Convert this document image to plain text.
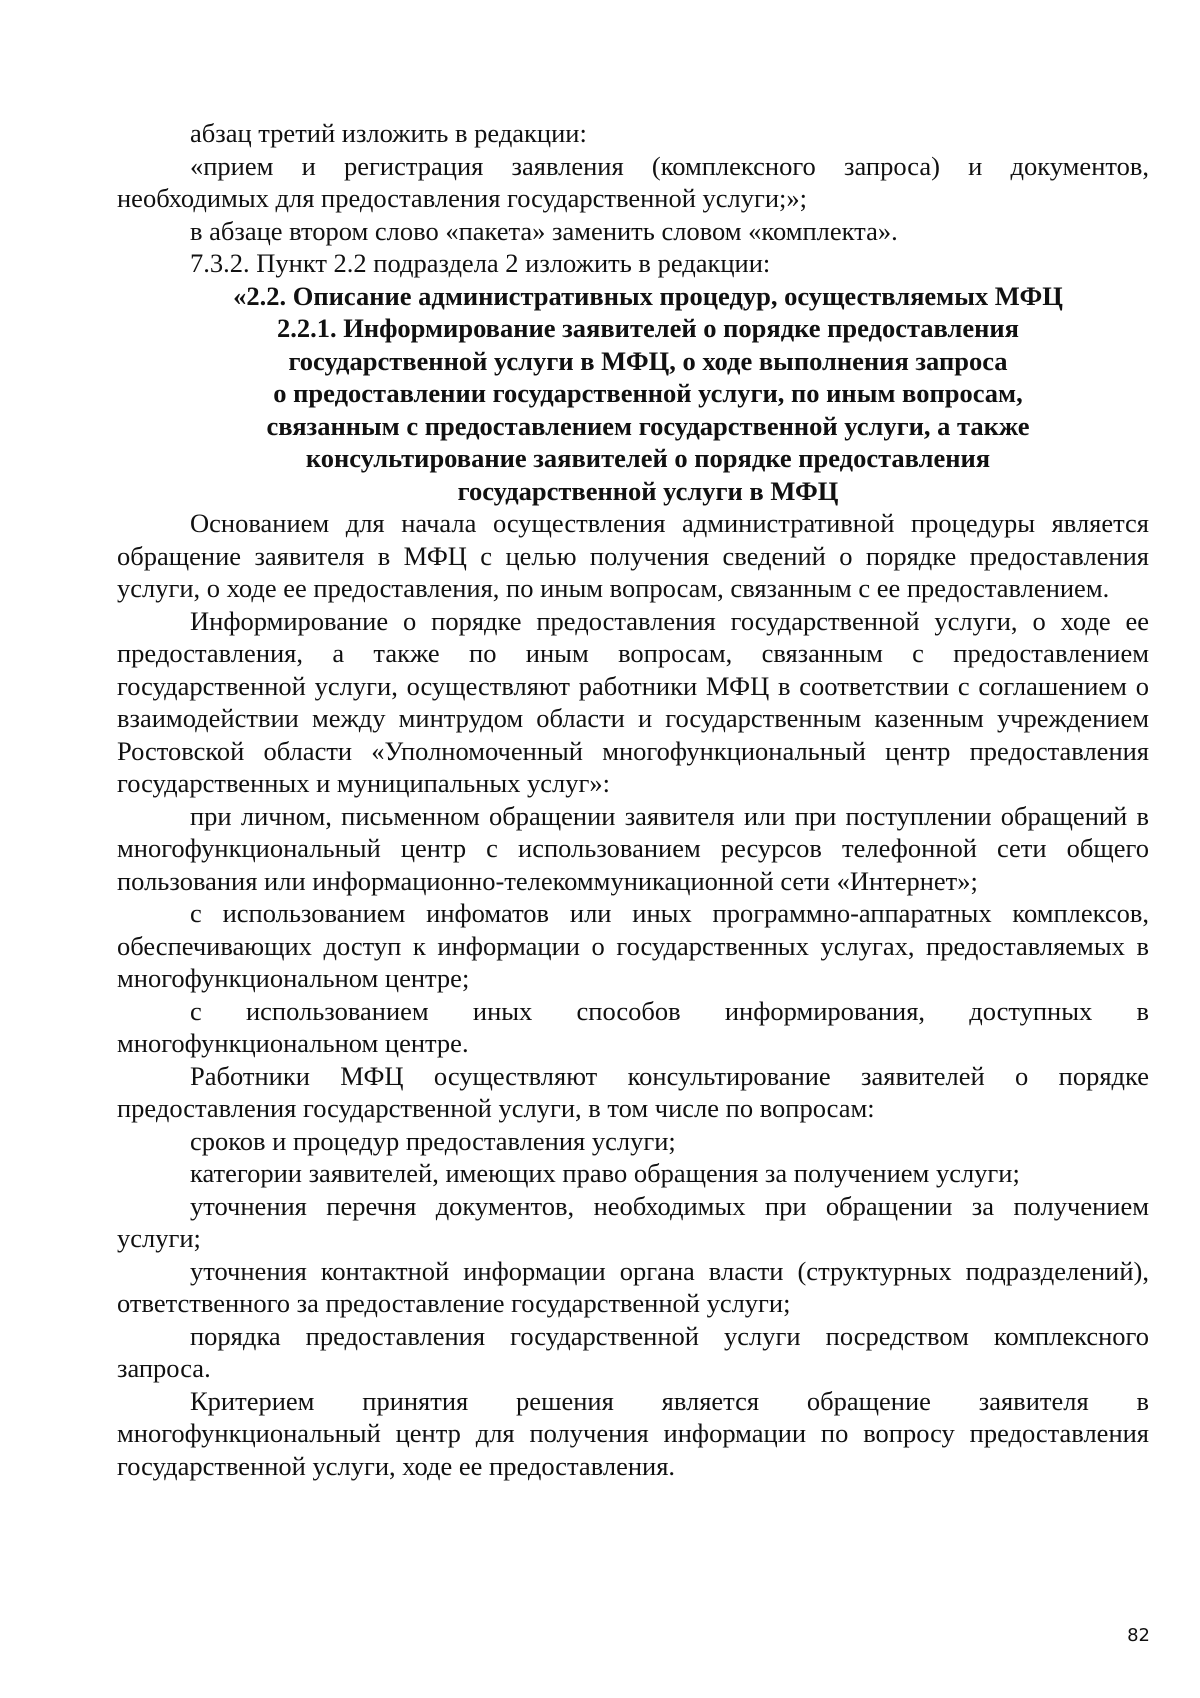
абзац третий изложить в редакции:

«прием и регистрация заявления (комплексного запроса) и документов, необходимых для предоставления государственной услуги;»;

в абзаце втором слово «пакета» заменить словом «комплекта».

7.3.2. Пункт 2.2 подраздела 2 изложить в редакции:

«2.2. Описание административных процедур, осуществляемых МФЦ
2.2.1. Информирование заявителей о порядке предоставления
государственной услуги в МФЦ, о ходе выполнения запроса
о предоставлении государственной услуги, по иным вопросам,
связанным с предоставлением государственной услуги, а также
консультирование заявителей о порядке предоставления
государственной услуги в МФЦ

Основанием для начала осуществления административной процедуры является обращение заявителя в МФЦ с целью получения сведений о порядке предоставления услуги, о ходе ее предоставления, по иным вопросам, связанным с ее предоставлением.

Информирование о порядке предоставления государственной услуги, о ходе ее предоставления, а также по иным вопросам, связанным с предоставлением государственной услуги, осуществляют работники МФЦ в соответствии с соглашением о взаимодействии между минтрудом области и государственным казенным учреждением Ростовской области «Уполномоченный многофункциональный центр предоставления государственных и муниципальных услуг»:

при личном, письменном обращении заявителя или при поступлении обращений в многофункциональный центр с использованием ресурсов телефонной сети общего пользования или информационно-телекоммуникационной сети «Интернет»;

с использованием инфоматов или иных программно-аппаратных комплексов, обеспечивающих доступ к информации о государственных услугах, предоставляемых в многофункциональном центре;

с использованием иных способов информирования, доступных в многофункциональном центре.

Работники МФЦ осуществляют консультирование заявителей о порядке предоставления государственной услуги, в том числе по вопросам:

сроков и процедур предоставления услуги;

категории заявителей, имеющих право обращения за получением услуги;

уточнения перечня документов, необходимых при обращении за получением услуги;

уточнения контактной информации органа власти (структурных подразделений), ответственного за предоставление государственной услуги;

порядка предоставления государственной услуги посредством комплексного запроса.

Критерием принятия решения является обращение заявителя в многофункциональный центр для получения информации по вопросу предоставления государственной услуги, ходе ее предоставления.

82
